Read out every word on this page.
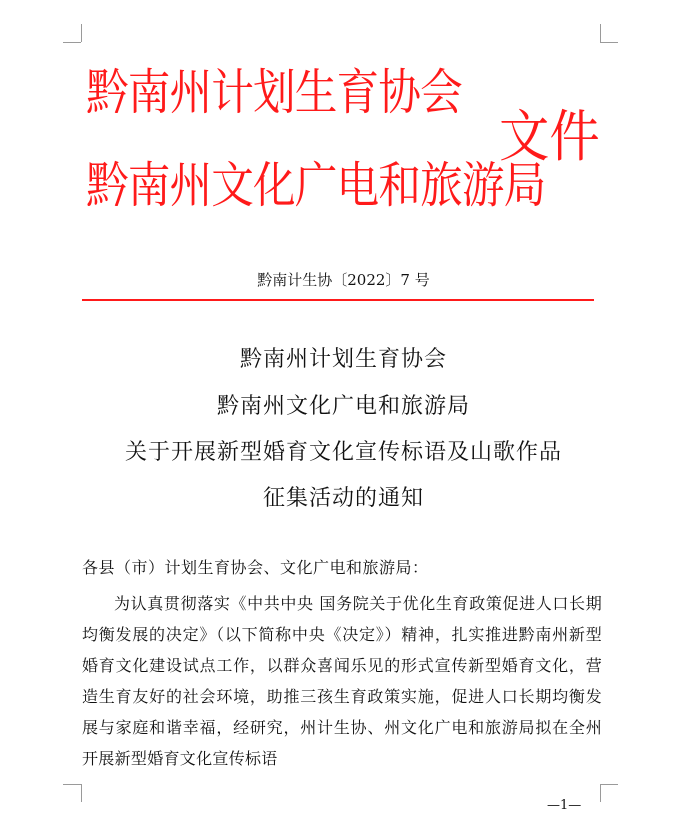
黔南州计划生育协会
黔南州文化广电和旅游局
文件
黔南计生协〔2022〕7 号
黔南州计划生育协会
黔南州文化广电和旅游局
关于开展新型婚育文化宣传标语及山歌作品
征集活动的通知
各县（市）计划生育协会、文化广电和旅游局：

为认真贯彻落实《中共中央 国务院关于优化生育政策促进人口长期均衡发展的决定》（以下简称中央《决定》）精神，扎实推进黔南州新型婚育文化建设试点工作，以群众喜闻乐见的形式宣传新型婚育文化，营造生育友好的社会环境，助推三孩生育政策实施，促进人口长期均衡发展与家庭和谐幸福，经研究，州计生协、州文化广电和旅游局拟在全州开展新型婚育文化宣传标语

—1—
